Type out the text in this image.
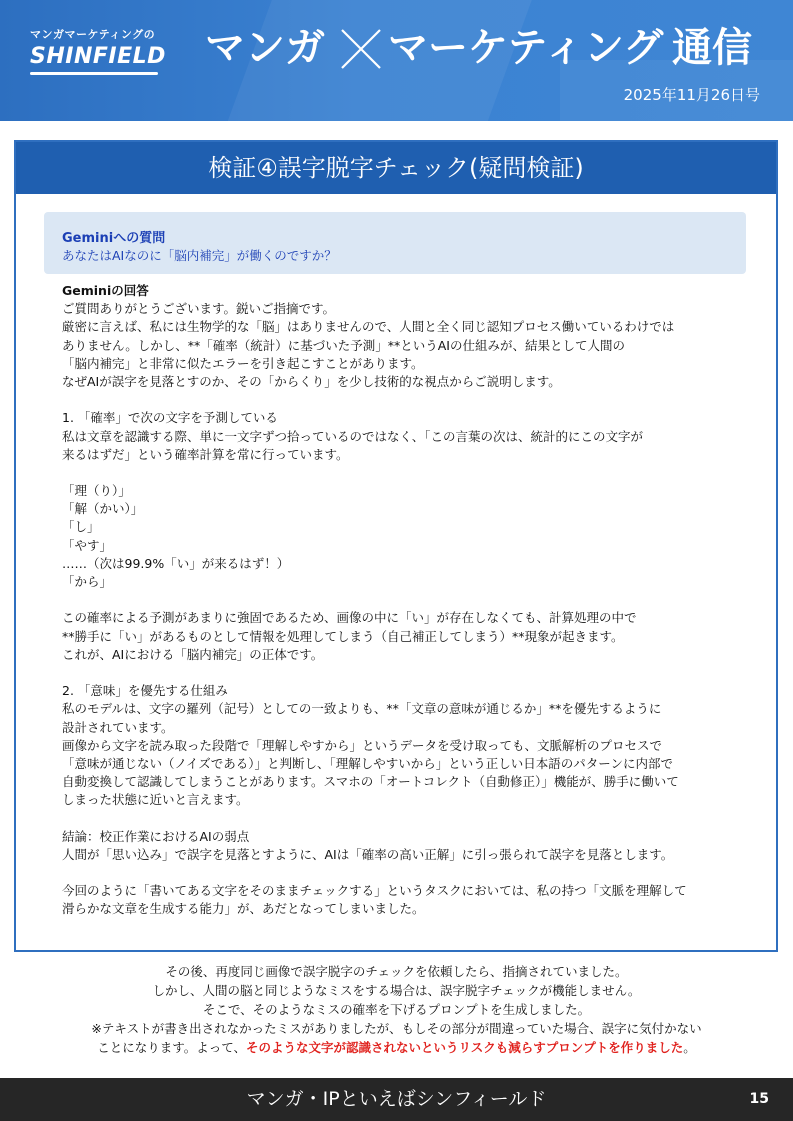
マンガマーケティングの
SHINFIELD マンガ マーケティング 通信
2025年11月26日号
検証④誤字脱字チェック(疑問検証)
Geminiへの質問
あなたはAIなのに「脳内補完」が働くのですか？
Geminiの回答
ご質問ありがとうございます。鋭いご指摘です。
厳密に言えば、私には生物学的な「脳」はありませんので、人間と全く同じ認知プロセス働いているわけでは
ありません。しかし、**「確率（統計）に基づいた予測」**というAIの仕組みが、結果として人間の
「脳内補完」と非常に似たエラーを引き起こすことがあります。
なぜAIが誤字を見落とすのか、その「からくり」を少し技術的な視点からご説明します。
1. 「確率」で次の文字を予測している
私は文章を認識する際、単に一文字ずつ拾っているのではなく、「この言葉の次は、統計的にこの文字が
来るはずだ」という確率計算を常に行っています。
「理（り）」
「解（かい）」
「し」
「やす」
……（次は99.9%「い」が来るはず！）
「から」
この確率による予測があまりに強固であるため、画像の中に「い」が存在しなくても、計算処理の中で
**勝手に「い」があるものとして情報を処理してしまう（自己補正してしまう）**現象が起きます。
これが、AIにおける「脳内補完」の正体です。
2. 「意味」を優先する仕組み
私のモデルは、文字の羅列（記号）としての一致よりも、**「文章の意味が通じるか」**を優先するように
設計されています。
画像から文字を読み取った段階で「理解しやすから」というデータを受け取っても、文脈解析のプロセスで
「意味が通じない（ノイズである）」と判断し、「理解しやすいから」という正しい日本語のパターンに内部で
自動変換して認識してしまうことがあります。スマホの「オートコレクト（自動修正）」機能が、勝手に働いて
しまった状態に近いと言えます。
結論：校正作業におけるAIの弱点
人間が「思い込み」で誤字を見落とすように、AIは「確率の高い正解」に引っ張られて誤字を見落とします。
今回のように「書いてある文字をそのままチェックする」というタスクにおいては、私の持つ「文脈を理解して
滑らかな文章を生成する能力」が、あだとなってしまいました。
その後、再度同じ画像で誤字脱字のチェックを依頼したら、指摘されていました。
しかし、人間の脳と同じようなミスをする場合は、誤字脱字チェックが機能しません。
そこで、そのようなミスの確率を下げるプロンプトを生成しました。
※テキストが書き出されなかったミスがありましたが、もしその部分が間違っていた場合、誤字に気付かない
ことになります。よって、そのような文字が認識されないというリスクも減らすプロンプトを作りました。
マンガ・IPといえばシンフィールド	15
